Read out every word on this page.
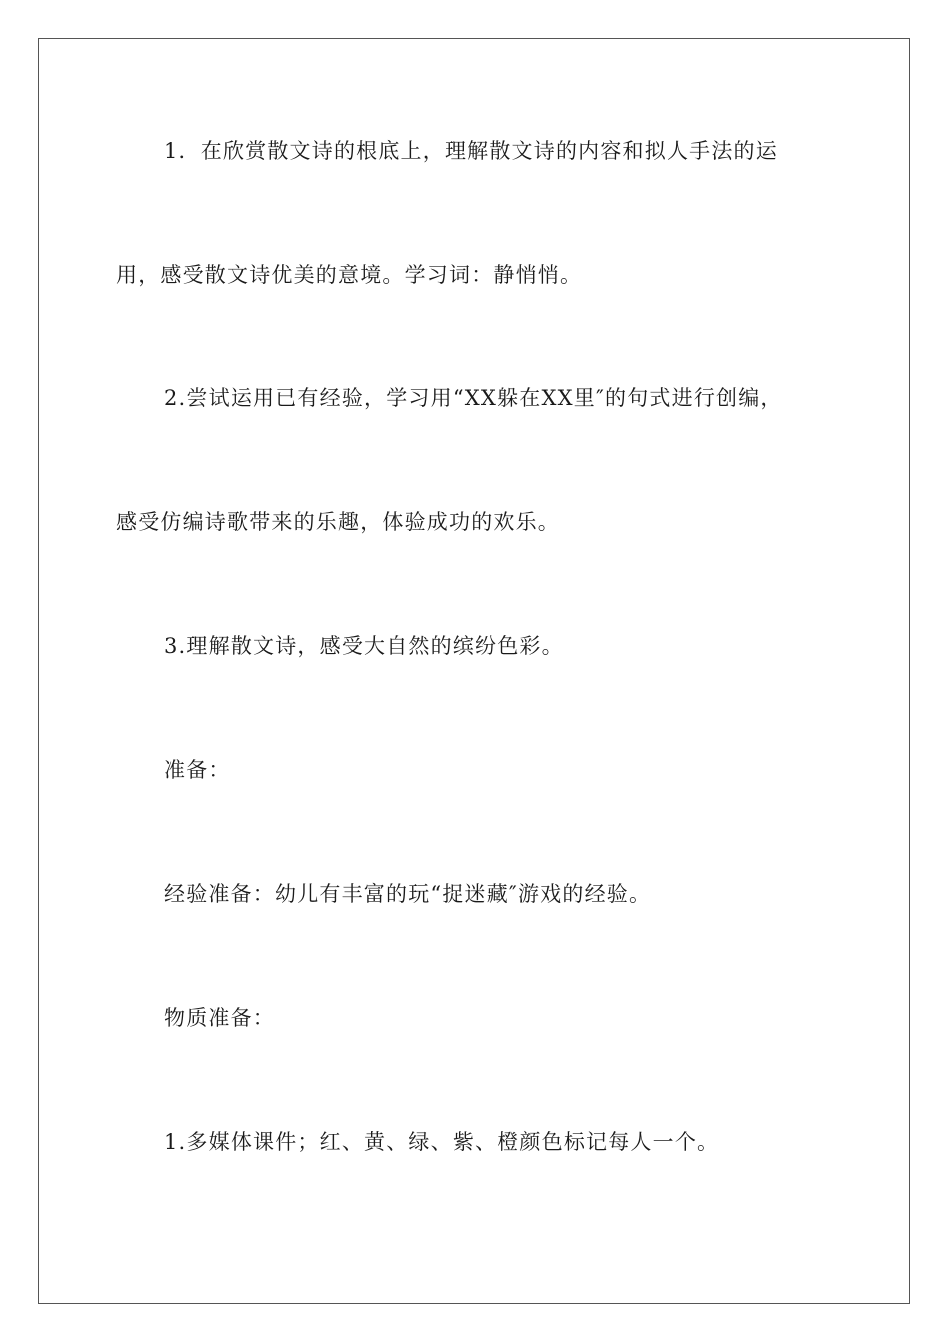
1．在欣赏散文诗的根底上，理解散文诗的内容和拟人手法的运
用，感受散文诗优美的意境。学习词：静悄悄。
2.尝试运用已有经验，学习用“XX躲在XX里″的句式进行创编，
感受仿编诗歌带来的乐趣，体验成功的欢乐。
3.理解散文诗，感受大自然的缤纷色彩。
准备：
经验准备：幼儿有丰富的玩“捉迷藏″游戏的经验。
物质准备：
1.多媒体课件；红、黄、绿、紫、橙颜色标记每人一个。
